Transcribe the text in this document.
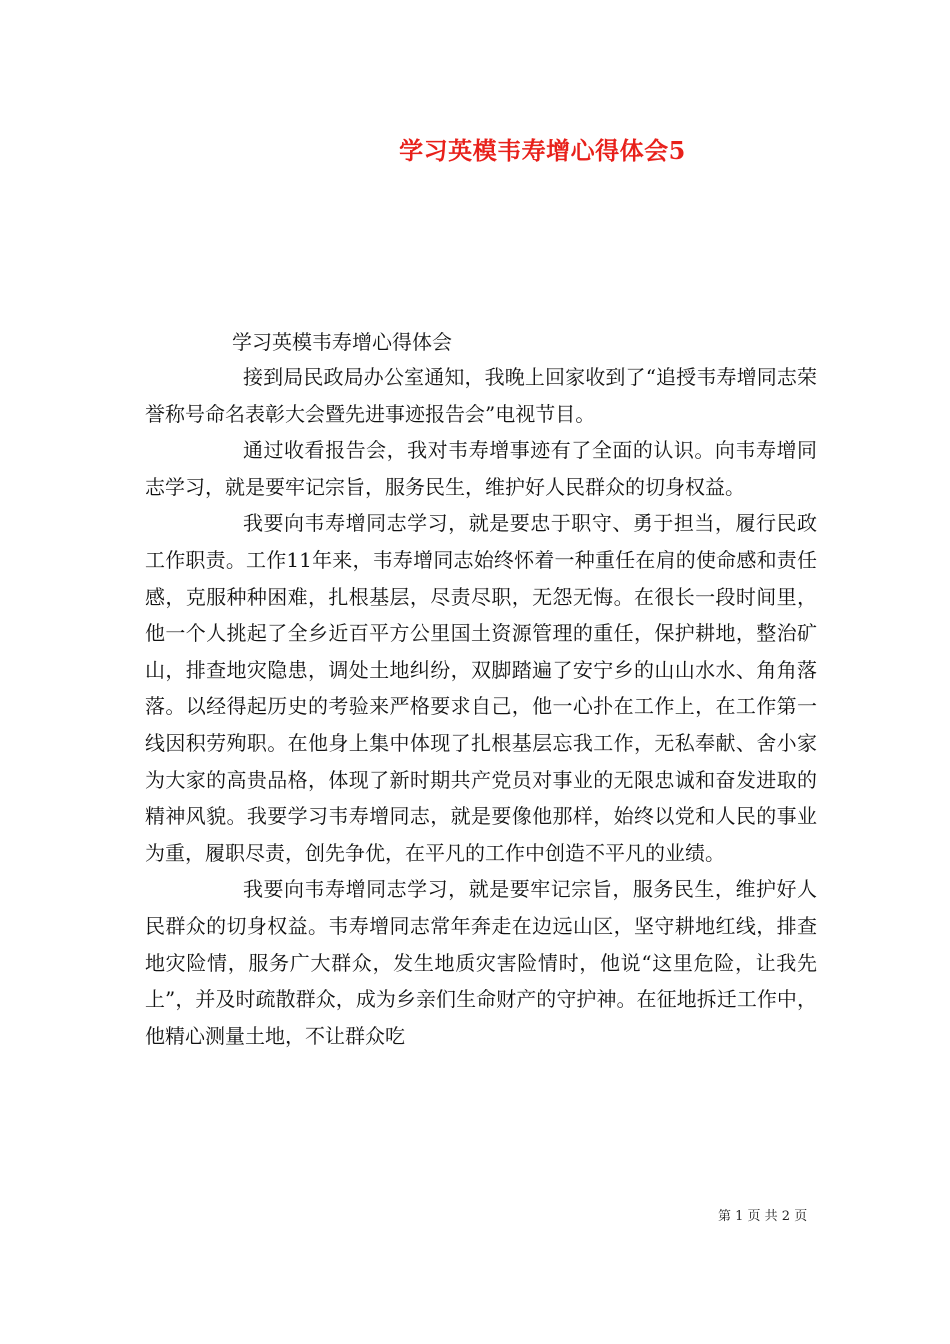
学习英模韦寿增心得体会5
学习英模韦寿增心得体会

接到局民政局办公室通知，我晚上回家收到了“追授韦寿增同志荣誉称号命名表彰大会暨先进事迹报告会”电视节目。

通过收看报告会，我对韦寿增事迹有了全面的认识。向韦寿增同志学习，就是要牢记宗旨，服务民生，维护好人民群众的切身权益。

我要向韦寿增同志学习，就是要忠于职守、勇于担当，履行民政工作职责。工作11年来，韦寿增同志始终怀着一种重任在肩的使命感和责任感，克服种种困难，扎根基层，尽责尽职，无怨无悔。在很长一段时间里，他一个人挑起了全乡近百平方公里国土资源管理的重任，保护耕地，整治矿山，排查地灾隐患，调处土地纠纷，双脚踏遍了安宁乡的山山水水、角角落落。以经得起历史的考验来严格要求自己，他一心扑在工作上，在工作第一线因积劳殉职。在他身上集中体现了扎根基层忘我工作，无私奉献、舍小家为大家的高贵品格，体现了新时期共产党员对事业的无限忠诚和奋发进取的精神风貌。我要学习韦寿增同志，就是要像他那样，始终以党和人民的事业为重，履职尽责，创先争优，在平凡的工作中创造不平凡的业绩。

我要向韦寿增同志学习，就是要牢记宗旨，服务民生，维护好人民群众的切身权益。韦寿增同志常年奔走在边远山区，坚守耕地红线，排查地灾险情，服务广大群众，发生地质灾害险情时，他说“这里危险，让我先上”，并及时疏散群众，成为乡亲们生命财产的守护神。在征地拆迁工作中，他精心测量土地，不让群众吃

第 1 页 共 2 页
